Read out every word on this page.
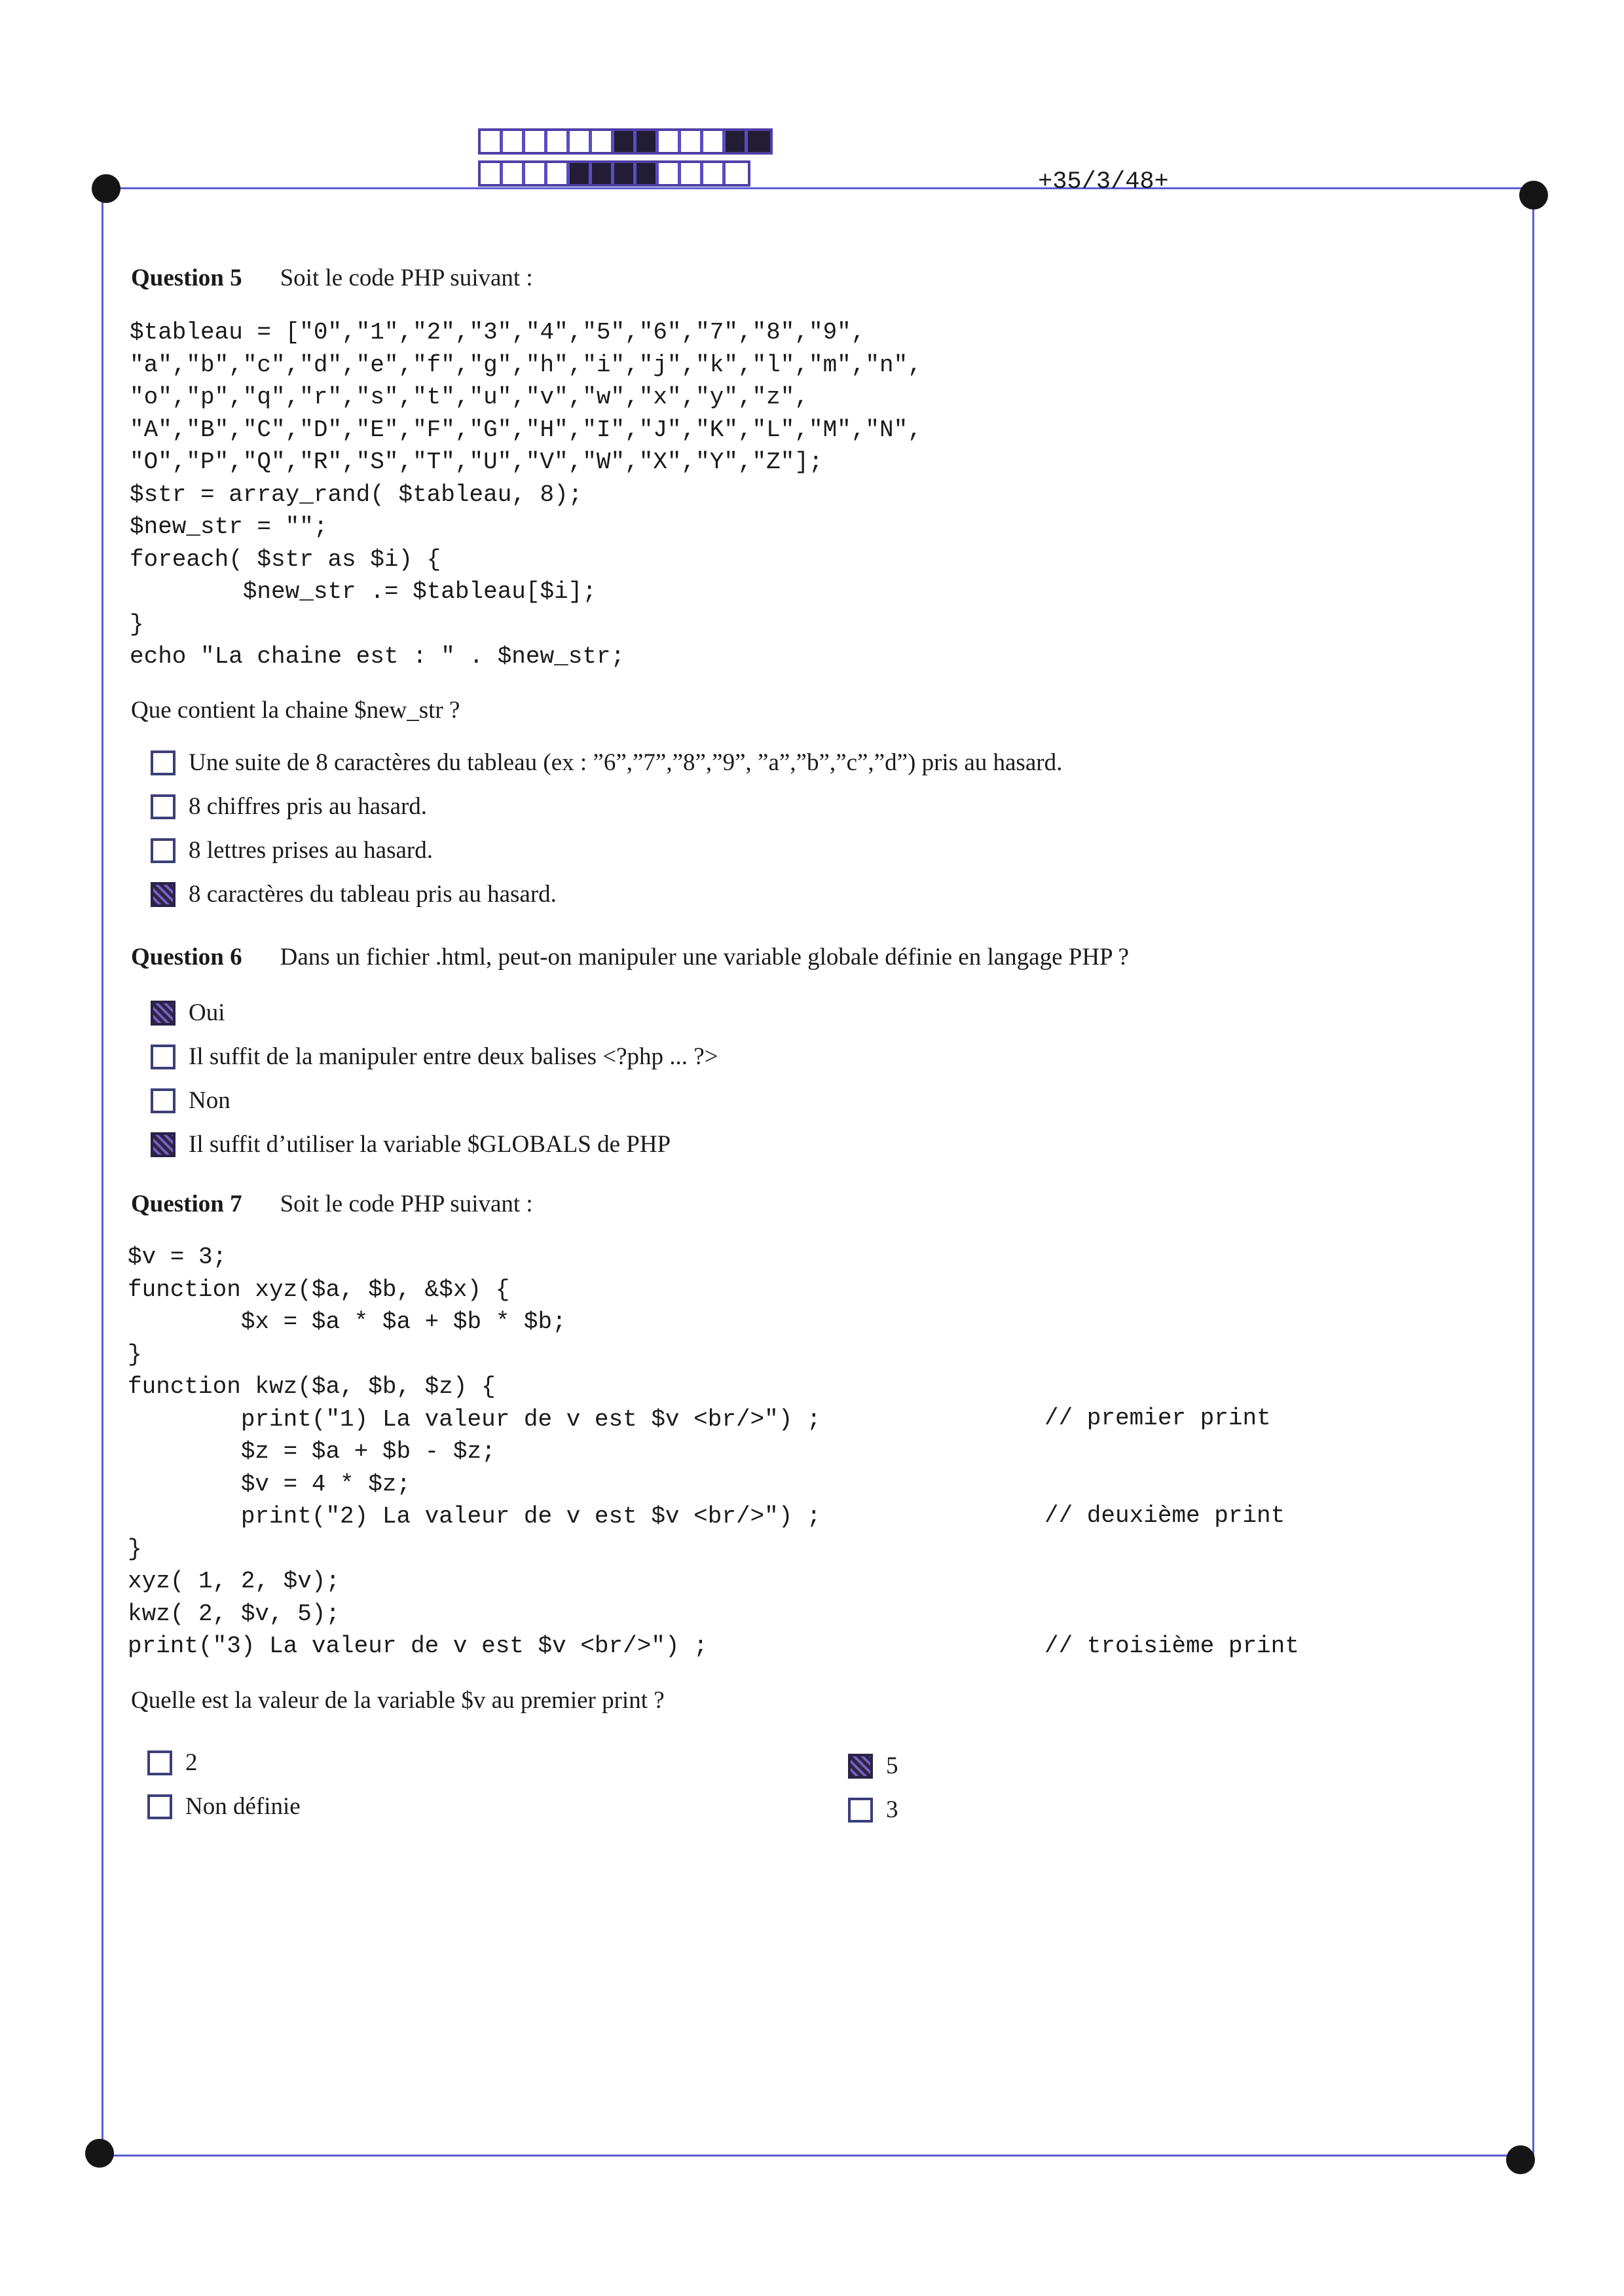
+35/3/48+
Question 5 Soit le code PHP suivant :
$tableau = ["0","1","2","3","4","5","6","7","8","9",
"a","b","c","d","e","f","g","h","i","j","k","l","m","n",
"o","p","q","r","s","t","u","v","w","x","y","z",
"A","B","C","D","E","F","G","H","I","J","K","L","M","N",
"O","P","Q","R","S","T","U","V","W","X","Y","Z"];
$str = array_rand( $tableau, 8);
$new_str = "";
foreach( $str as $i) {
$new_str .= $tableau[$i];
}
echo "La chaine est : " . $new_str;
Que contient la chaine $new_str ?
Une suite de 8 caractères du tableau (ex : ”6”,”7”,”8”,”9”, ”a”,”b”,”c”,”d”) pris au hasard.
8 chiffres pris au hasard.
8 lettres prises au hasard.
8 caractères du tableau pris au hasard.
Question 6 Dans un fichier .html, peut-on manipuler une variable globale définie en langage PHP ?
Oui
Il suffit de la manipuler entre deux balises <?php ... ?>
Non
Il suffit d’utiliser la variable $GLOBALS de PHP
Question 7 Soit le code PHP suivant :
$v = 3;
function xyz($a, $b, &$x) {
$x = $a * $a + $b * $b;
}
function kwz($a, $b, $z) {
print("1) La valeur de v est $v <br/>") ;
$z = $a + $b - $z;
$v = 4 * $z;
print("2) La valeur de v est $v <br/>") ;
}
xyz( 1, 2, $v);
kwz( 2, $v, 5);
print("3) La valeur de v est $v <br/>") ;
// premier print
// deuxième print
// troisième print
Quelle est la valeur de la variable $v au premier print ?
2
Non définie
5
3
